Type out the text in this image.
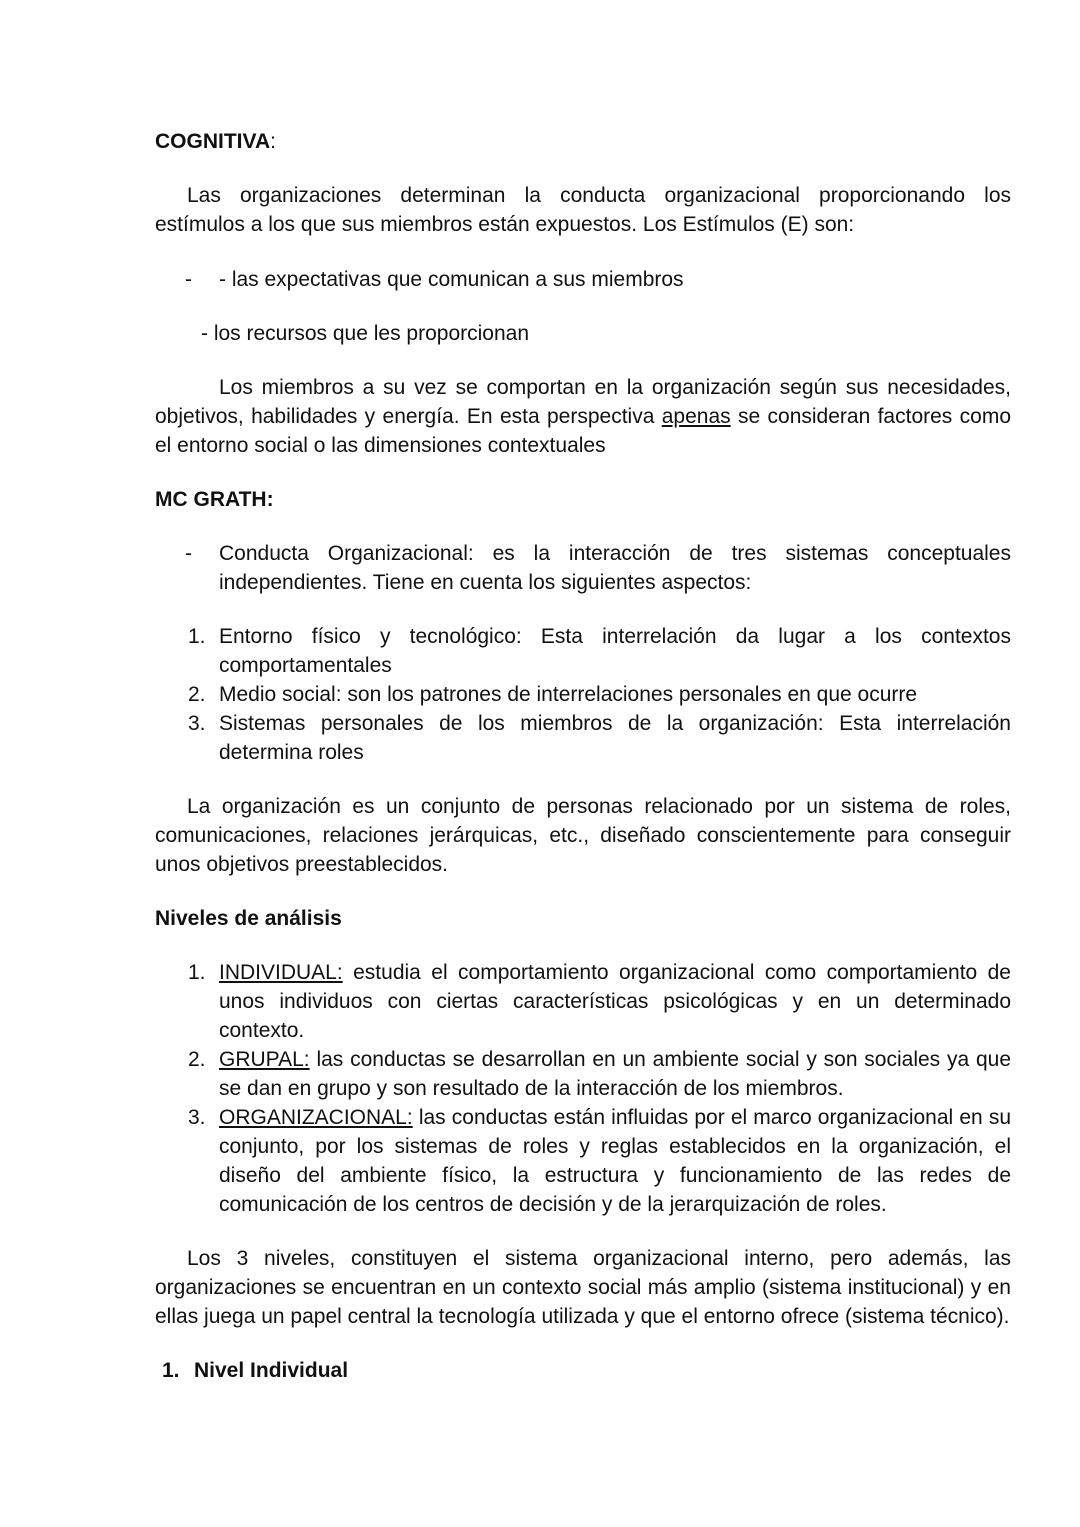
COGNITIVA:

Las organizaciones determinan la conducta organizacional proporcionando los estímulos a los que sus miembros están expuestos. Los Estímulos (E) son:

- - las expectativas que comunican a sus miembros

- los recursos que les proporcionan

Los miembros a su vez se comportan en la organización según sus necesidades, objetivos, habilidades y energía. En esta perspectiva apenas se consideran factores como el entorno social o las dimensiones contextuales

MC GRATH:

- Conducta Organizacional: es la interacción de tres sistemas conceptuales independientes. Tiene en cuenta los siguientes aspectos:

1. Entorno físico y tecnológico: Esta interrelación da lugar a los contextos comportamentales
2. Medio social: son los patrones de interrelaciones personales en que ocurre
3. Sistemas personales de los miembros de la organización: Esta interrelación determina roles

La organización es un conjunto de personas relacionado por un sistema de roles, comunicaciones, relaciones jerárquicas, etc., diseñado conscientemente para conseguir unos objetivos preestablecidos.

Niveles de análisis

1. INDIVIDUAL: estudia el comportamiento organizacional como comportamiento de unos individuos con ciertas características psicológicas y en un determinado contexto.
2. GRUPAL: las conductas se desarrollan en un ambiente social y son sociales ya que se dan en grupo y son resultado de la interacción de los miembros.
3. ORGANIZACIONAL: las conductas están influidas por el marco organizacional en su conjunto, por los sistemas de roles y reglas establecidos en la organización, el diseño del ambiente físico, la estructura y funcionamiento de las redes de comunicación de los centros de decisión y de la jerarquización de roles.

Los 3 niveles, constituyen el sistema organizacional interno, pero además, las organizaciones se encuentran en un contexto social más amplio (sistema institucional) y en ellas juega un papel central la tecnología utilizada y que el entorno ofrece (sistema técnico).

1. Nivel Individual
